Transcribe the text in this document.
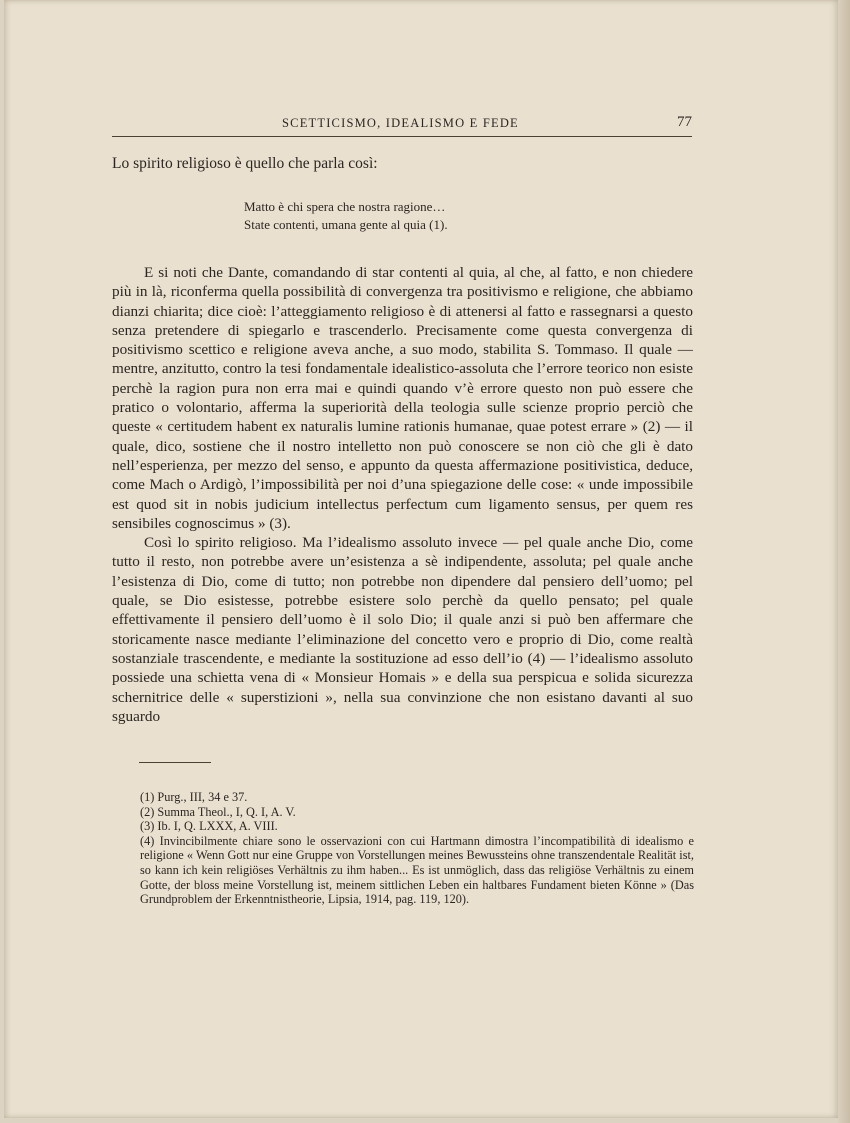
SCETTICISMO, IDEALISMO E FEDE	77
Lo spirito religioso è quello che parla così:
Matto è chi spera che nostra ragione…
State contenti, umana gente al quia (1).

E si noti che Dante, comandando di star contenti al quia, al che, al fatto, e non chiedere più in là, riconferma quella possibilità di convergenza tra positivismo e religione, che abbiamo dianzi chiarita; dice cioè: l’atteggiamento religioso è di attenersi al fatto e rassegnarsi a questo senza pretendere di spiegarlo e trascenderlo. Precisamente come questa convergenza di positivismo scettico e religione aveva anche, a suo modo, stabilita S. Tommaso. Il quale — mentre, anzitutto, contro la tesi fondamentale idealistico-assoluta che l’errore teorico non esiste perchè la ragion pura non erra mai e quindi quando v’è errore questo non può essere che pratico o volontario, afferma la superiorità della teologia sulle scienze proprio perciò che queste « certitudem habent ex naturalis lumine rationis humanae, quae potest errare » (2) — il quale, dico, sostiene che il nostro intelletto non può conoscere se non ciò che gli è dato nell’esperienza, per mezzo del senso, e appunto da questa affermazione positivistica, deduce, come Mach o Ardigò, l’impossibilità per noi d’una spiegazione delle cose: « unde impossibile est quod sit in nobis judicium intellectus perfectum cum ligamento sensus, per quem res sensibiles cognoscimus » (3).

Così lo spirito religioso. Ma l’idealismo assoluto invece — pel quale anche Dio, come tutto il resto, non potrebbe avere un’esistenza a sè indipendente, assoluta; pel quale anche l’esistenza di Dio, come di tutto; non potrebbe non dipendere dal pensiero dell’uomo; pel quale, se Dio esistesse, potrebbe esistere solo perchè da quello pensato; pel quale effettivamente il pensiero dell’uomo è il solo Dio; il quale anzi si può ben affermare che storicamente nasce mediante l’eliminazione del concetto vero e proprio di Dio, come realtà sostanziale trascendente, e mediante la sostituzione ad esso dell’io (4) — l’idealismo assoluto possiede una schietta vena di « Monsieur Homais » e della sua perspicua e solida sicurezza schernitrice delle « superstizioni », nella sua convinzione che non esistano davanti al suo sguardo

(1) Purg., III, 34 e 37.
(2) Summa Theol., I, Q. I, A. V.
(3) Ib. I, Q. LXXX, A. VIII.
(4) Invincibilmente chiare sono le osservazioni con cui Hartmann dimostra l’incompatibilità di idealismo e religione « Wenn Gott nur eine Gruppe von Vorstellungen meines Bewussteins ohne transzendentale Realität ist, so kann ich kein religiöses Verhältnis zu ihm haben... Es ist unmöglich, dass das religiöse Verhältnis zu einem Gotte, der bloss meine Vorstellung ist, meinem sittlichen Leben ein haltbares Fundament bieten Könne » (Das Grundproblem der Erkenntnistheorie, Lipsia, 1914, pag. 119, 120).
